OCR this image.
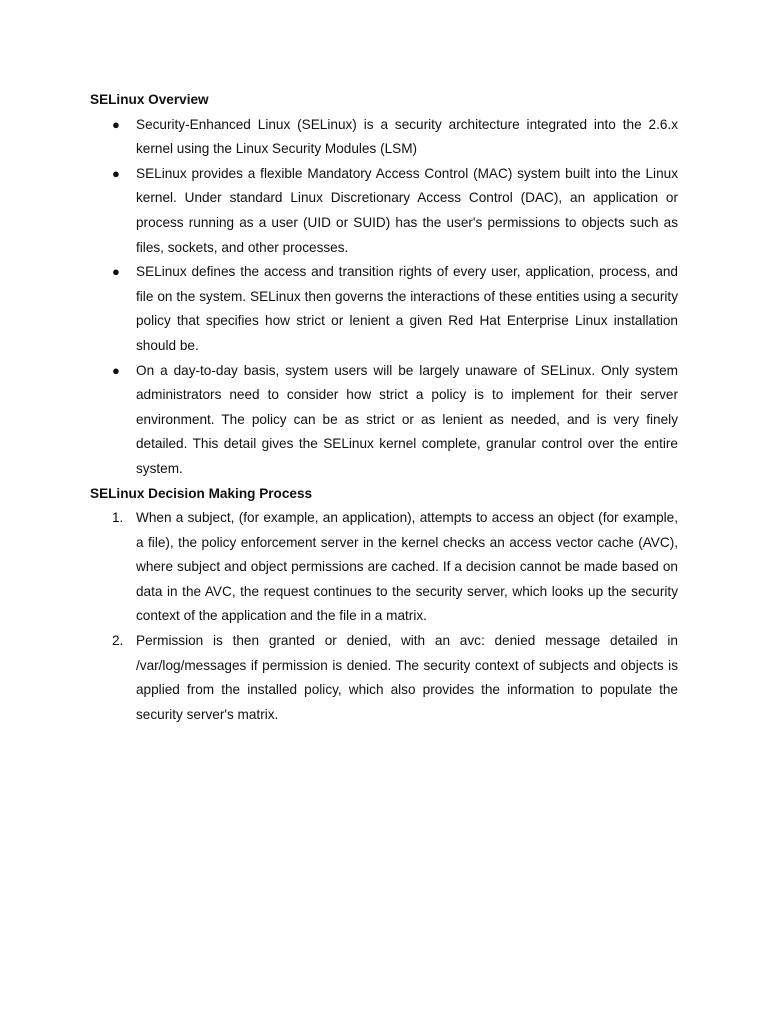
SELinux Overview
● Security-Enhanced Linux (SELinux) is a security architecture integrated into the 2.6.x kernel using the Linux Security Modules (LSM)
● SELinux provides a flexible Mandatory Access Control (MAC) system built into the Linux kernel. Under standard Linux Discretionary Access Control (DAC), an application or process running as a user (UID or SUID) has the user's permissions to objects such as files, sockets, and other processes.
● SELinux defines the access and transition rights of every user, application, process, and file on the system. SELinux then governs the interactions of these entities using a security policy that specifies how strict or lenient a given Red Hat Enterprise Linux installation should be.
● On a day-to-day basis, system users will be largely unaware of SELinux. Only system administrators need to consider how strict a policy is to implement for their server environment. The policy can be as strict or as lenient as needed, and is very finely detailed. This detail gives the SELinux kernel complete, granular control over the entire system.
SELinux Decision Making Process
1. When a subject, (for example, an application), attempts to access an object (for example, a file), the policy enforcement server in the kernel checks an access vector cache (AVC), where subject and object permissions are cached. If a decision cannot be made based on data in the AVC, the request continues to the security server, which looks up the security context of the application and the file in a matrix.
2. Permission is then granted or denied, with an avc: denied message detailed in /var/log/messages if permission is denied. The security context of subjects and objects is applied from the installed policy, which also provides the information to populate the security server's matrix.
